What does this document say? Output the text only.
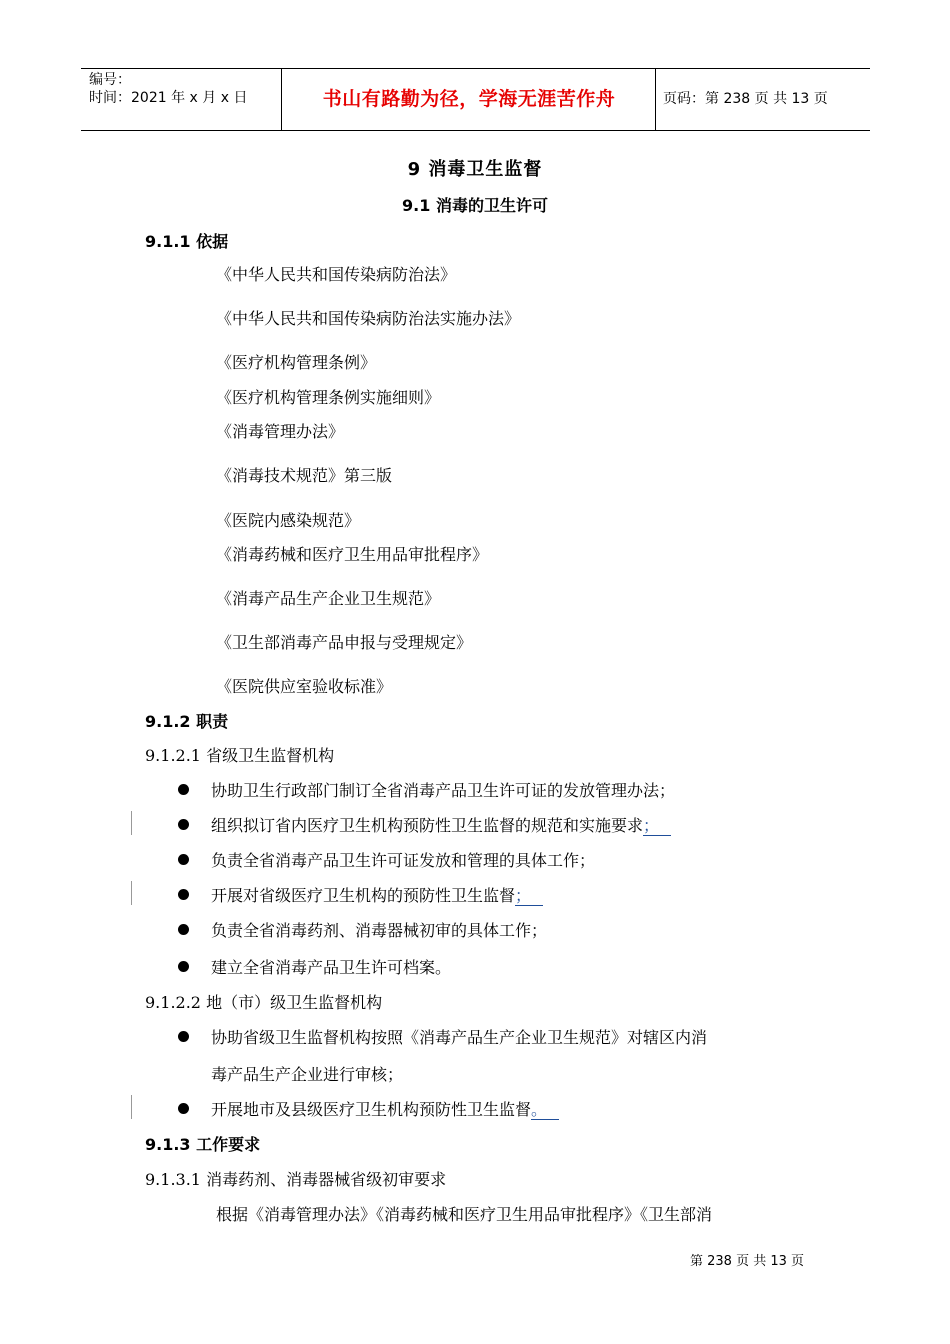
编号：
时间：2021 年 x 月 x 日	书山有路勤为径，学海无涯苦作舟	页码：第 238 页 共 13 页
9 消毒卫生监督
9.1 消毒的卫生许可
9.1.1 依据
《中华人民共和国传染病防治法》
《中华人民共和国传染病防治法实施办法》
《医疗机构管理条例》
《医疗机构管理条例实施细则》
《消毒管理办法》
《消毒技术规范》第三版
《医院内感染规范》
《消毒药械和医疗卫生用品审批程序》
《消毒产品生产企业卫生规范》
《卫生部消毒产品申报与受理规定》
《医院供应室验收标准》
9.1.2 职责
9.1.2.1 省级卫生监督机构
协助卫生行政部门制订全省消毒产品卫生许可证的发放管理办法；
组织拟订省内医疗卫生机构预防性卫生监督的规范和实施要求；
负责全省消毒产品卫生许可证发放和管理的具体工作；
开展对省级医疗卫生机构的预防性卫生监督；
负责全省消毒药剂、消毒器械初审的具体工作；
建立全省消毒产品卫生许可档案。
9.1.2.2 地（市）级卫生监督机构
协助省级卫生监督机构按照《消毒产品生产企业卫生规范》对辖区内消
毒产品生产企业进行审核；
开展地市及县级医疗卫生机构预防性卫生监督。
9.1.3 工作要求
9.1.3.1 消毒药剂、消毒器械省级初审要求
根据《消毒管理办法》《消毒药械和医疗卫生用品审批程序》《卫生部消
第 238 页 共 13 页
